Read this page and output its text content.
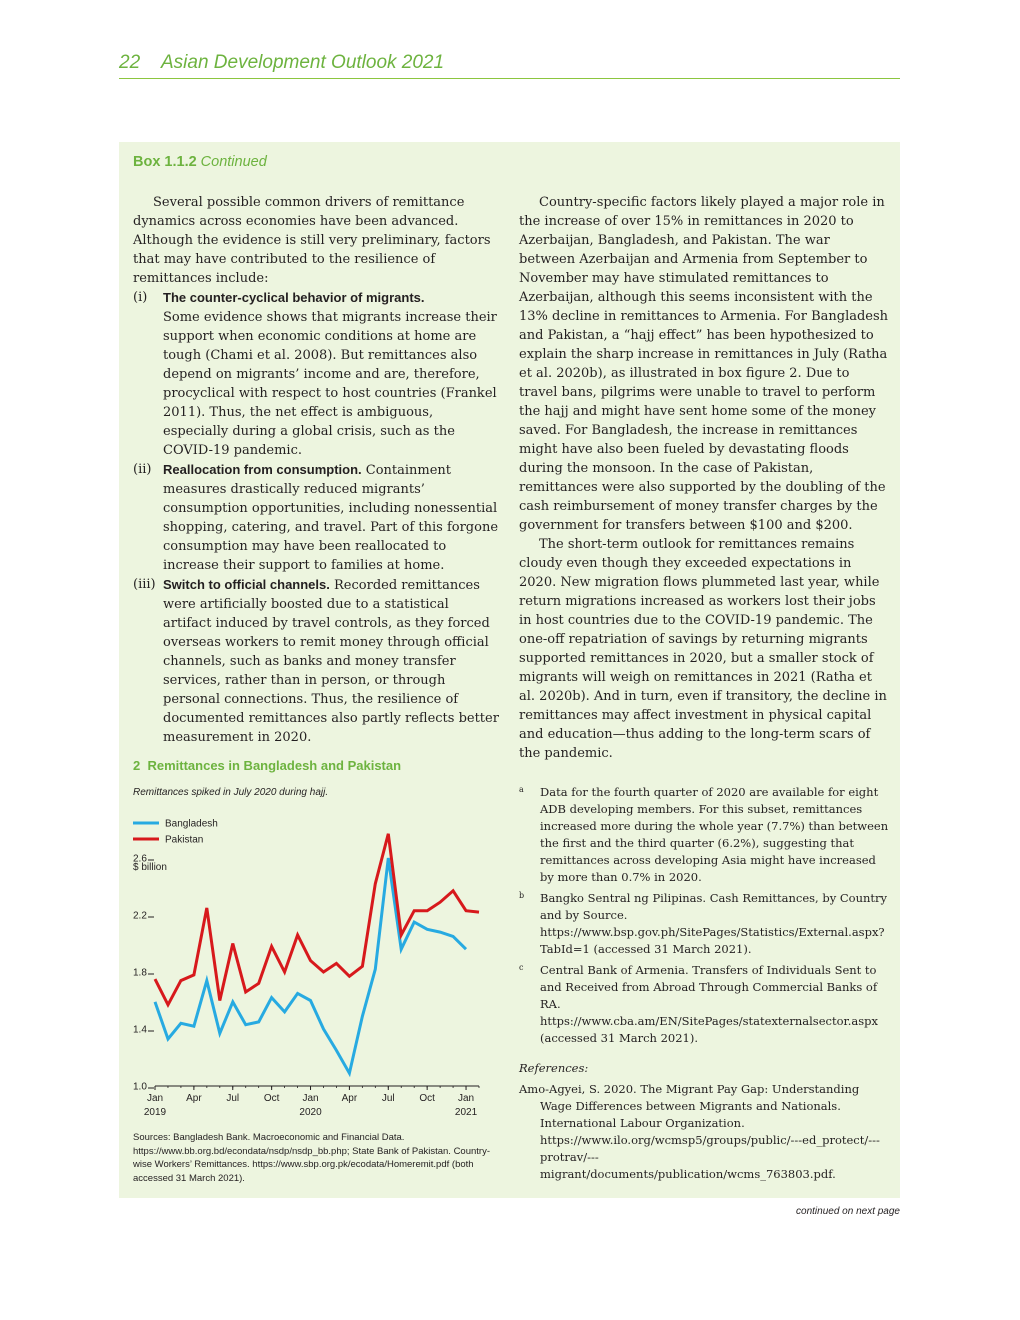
22 Asian Development Outlook 2021
Box 1.1.2 Continued

Several possible common drivers of remittance dynamics across economies have been advanced. Although the evidence is still very preliminary, factors that may have contributed to the resilience of remittances include:

(i) The counter-cyclical behavior of migrants.
Some evidence shows that migrants increase their support when economic conditions at home are tough (Chami et al. 2008). But remittances also depend on migrants’ income and are, therefore, procyclical with respect to host countries (Frankel 2011). Thus, the net effect is ambiguous, especially during a global crisis, such as the COVID-19 pandemic.
(ii) Reallocation from consumption. Containment measures drastically reduced migrants’ consumption opportunities, including nonessential shopping, catering, and travel. Part of this forgone consumption may have been reallocated to increase their support to families at home.
(iii) Switch to official channels. Recorded remittances were artificially boosted due to a statistical artifact induced by travel controls, as they forced overseas workers to remit money through official channels, such as banks and money transfer services, rather than in person, or through personal connections. Thus, the resilience of documented remittances also partly reflects better measurement in 2020.

Country-specific factors likely played a major role in the increase of over 15% in remittances in 2020 to Azerbaijan, Bangladesh, and Pakistan. The war between Azerbaijan and Armenia from September to November may have stimulated remittances to Azerbaijan, although this seems inconsistent with the 13% decline in remittances to Armenia. For Bangladesh and Pakistan, a “hajj effect” has been hypothesized to explain the sharp increase in remittances in July (Ratha et al. 2020b), as illustrated in box figure 2. Due to travel bans, pilgrims were unable to travel to perform the hajj and might have sent home some of the money saved. For Bangladesh, the increase in remittances might have also been fueled by devastating floods during the monsoon. In the case of Pakistan, remittances were also supported by the doubling of the cash reimbursement of money transfer charges by the government for transfers between $100 and $200.

The short-term outlook for remittances remains cloudy even though they exceeded expectations in 2020. New migration flows plummeted last year, while return migrations increased as workers lost their jobs in host countries due to the COVID-19 pandemic. The one-off repatriation of savings by returning migrants supported remittances in 2020, but a smaller stock of migrants will weigh on remittances in 2021 (Ratha et al. 2020b). And in turn, even if transitory, the decline in remittances may affect investment in physical capital and education—thus adding to the long-term scars of the pandemic.

2 Remittances in Bangladesh and Pakistan
Remittances spiked in July 2020 during hajj.
Bangladesh
Pakistan
$ billion
1.0
1.4
1.8
2.2
2.6
Jan Apr Jul Oct Jan Apr Jul Oct Jan
2019	2020	2021
Sources: Bangladesh Bank. Macroeconomic and Financial Data. https://www.bb.org.bd/econdata/nsdp/nsdp_bb.php; State Bank of Pakistan. Country-wise Workers’ Remittances. https://www.sbp.org.pk/ecodata/Homeremit.pdf (both accessed 31 March 2021).
a Data for the fourth quarter of 2020 are available for eight ADB developing members. For this subset, remittances increased more during the whole year (7.7%) than between the first and the third quarter (6.2%), suggesting that remittances across developing Asia might have increased by more than 0.7% in 2020.
b Bangko Sentral ng Pilipinas. Cash Remittances, by Country and by Source. https://www.bsp.gov.ph/SitePages/Statistics/External.aspx?TabId=1 (accessed 31 March 2021).
c Central Bank of Armenia. Transfers of Individuals Sent to and Received from Abroad Through Commercial Banks of RA. https://www.cba.am/EN/SitePages/statexternalsector.aspx (accessed 31 March 2021).
References:
Amo-Agyei, S. 2020. The Migrant Pay Gap: Understanding Wage Differences between Migrants and Nationals. International Labour Organization. https://www.ilo.org/wcmsp5/groups/public/---ed_protect/---protrav/---migrant/documents/publication/wcms_763803.pdf.
continued on next page
